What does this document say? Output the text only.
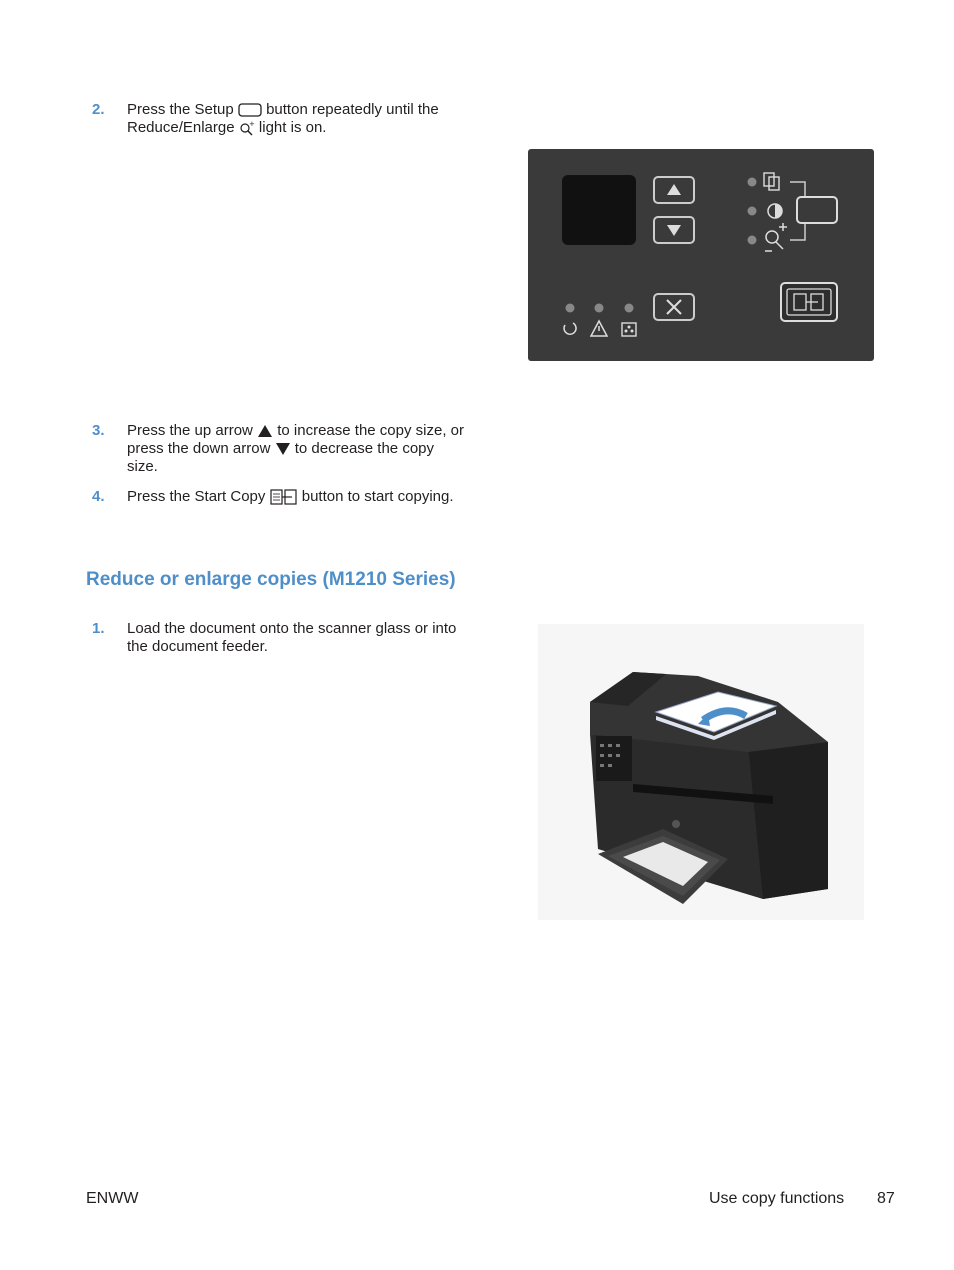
2.	Press the Setup button repeatedly until the Reduce/Enlarge + light is on.
3.	Press the up arrow to increase the copy size, or press the down arrow to decrease the copy size.
4.	Press the Start Copy button to start copying.
Reduce or enlarge copies (M1210 Series)
1.	Load the document onto the scanner glass or into the document feeder.
ENWW	Use copy functions 87
